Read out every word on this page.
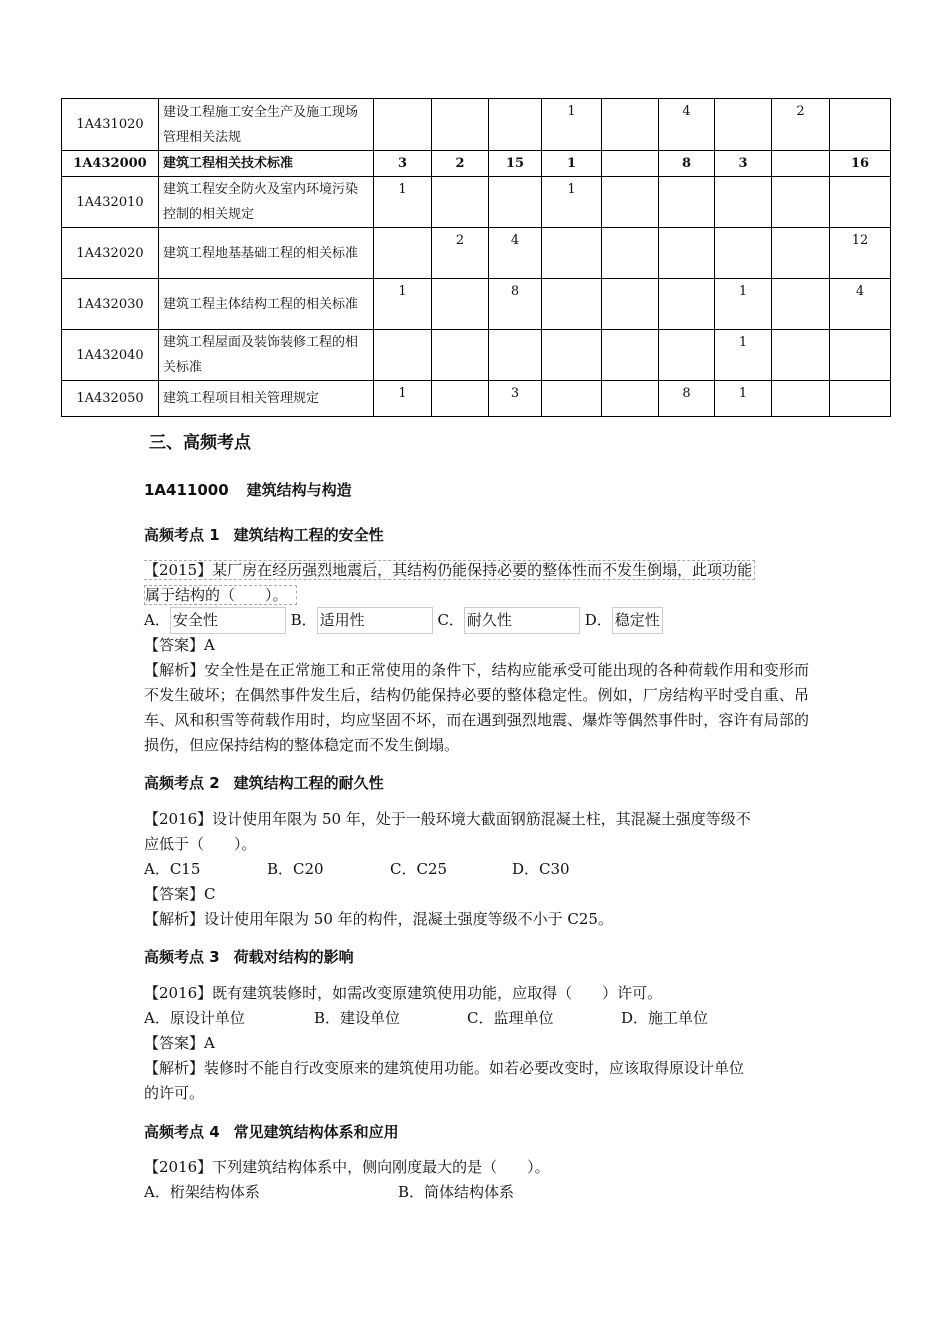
1A431020	建设工程施工安全生产及施工现场管理相关法规				1		4		2	
1A432000	建筑工程相关技术标准	3	2	15	1		8	3		16
1A432010	建筑工程安全防火及室内环境污染控制的相关规定	1			1					
1A432020	建筑工程地基基础工程的相关标准		2	4						12
1A432030	建筑工程主体结构工程的相关标准	1		8				1		4
1A432040	建筑工程屋面及装饰装修工程的相关标准							1		
1A432050	建筑工程项目相关管理规定	1		3			8	1		
三、高频考点
1A411000 建筑结构与构造
高频考点 1 建筑结构工程的安全性
【2015】某厂房在经历强烈地震后，其结构仍能保持必要的整体性而不发生倒塌，此项功能
属于结构的（　　）。
A． 安全性	B． 适用性	C． 耐久性	D． 稳定性
【答案】A
【解析】安全性是在正常施工和正常使用的条件下，结构应能承受可能出现的各种荷载作用和变形而不发生破坏；在偶然事件发生后，结构仍能保持必要的整体稳定性。例如，厂房结构平时受自重、吊车、风和积雪等荷载作用时，均应坚固不坏，而在遇到强烈地震、爆炸等偶然事件时，容许有局部的损伤，但应保持结构的整体稳定而不发生倒塌。
高频考点 2 建筑结构工程的耐久性
【2016】设计使用年限为 50 年，处于一般环境大截面钢筋混凝土柱，其混凝土强度等级不
应低于（　　）。
A．C15	B．C20	C．C25	D．C30
【答案】C
【解析】设计使用年限为 50 年的构件，混凝土强度等级不小于 C25。
高频考点 3 荷载对结构的影响
【2016】既有建筑装修时，如需改变原建筑使用功能，应取得（　　）许可。
A．原设计单位	B．建设单位	C．监理单位	D．施工单位
【答案】A
【解析】装修时不能自行改变原来的建筑使用功能。如若必要改变时，应该取得原设计单位
的许可。
高频考点 4 常见建筑结构体系和应用
【2016】下列建筑结构体系中，侧向刚度最大的是（　　）。
A．桁架结构体系	B．筒体结构体系
